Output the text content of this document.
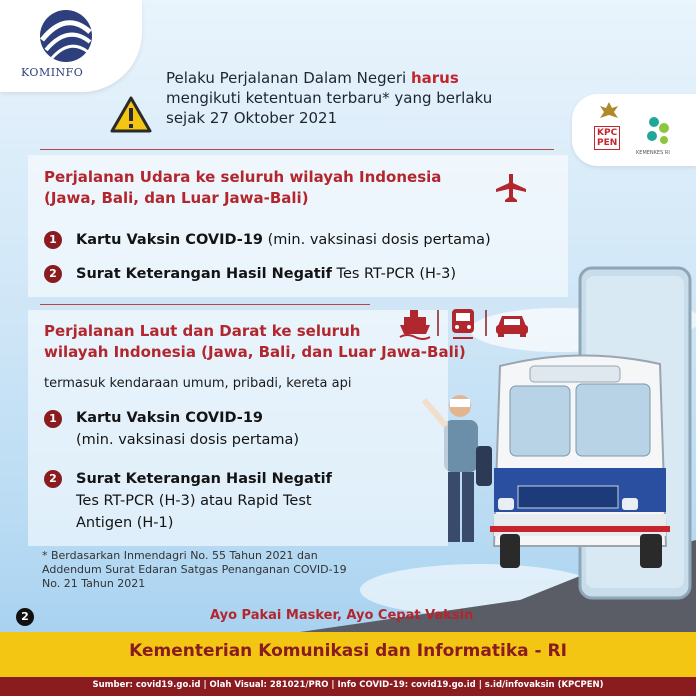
KOMINFO
KPC
PEN
KEMENKES RI
Pelaku Perjalanan Dalam Negeri harus
mengikuti ketentuan terbaru* yang berlaku
sejak 27 Oktober 2021
Perjalanan Udara ke seluruh wilayah Indonesia
(Jawa, Bali, dan Luar Jawa-Bali)
1	Kartu Vaksin COVID-19 (min. vaksinasi dosis pertama)
2	Surat Keterangan Hasil Negatif Tes RT-PCR (H-3)
Perjalanan Laut dan Darat ke seluruh
wilayah Indonesia (Jawa, Bali, dan Luar Jawa-Bali)
termasuk kendaraan umum, pribadi, kereta api
1	Kartu Vaksin COVID-19
(min. vaksinasi dosis pertama)
2	Surat Keterangan Hasil Negatif
Tes RT-PCR (H-3) atau Rapid Test
Antigen (H-1)
* Berdasarkan Inmendagri No. 55 Tahun 2021 dan
Addendum Surat Edaran Satgas Penanganan COVID-19
No. 21 Tahun 2021
2	Ayo Pakai Masker, Ayo Cepat Vaksin
Kementerian Komunikasi dan Informatika - RI
Sumber: covid19.go.id | Olah Visual: 281021/PRO | Info COVID-19: covid19.go.id | s.id/infovaksin (KPCPEN)
